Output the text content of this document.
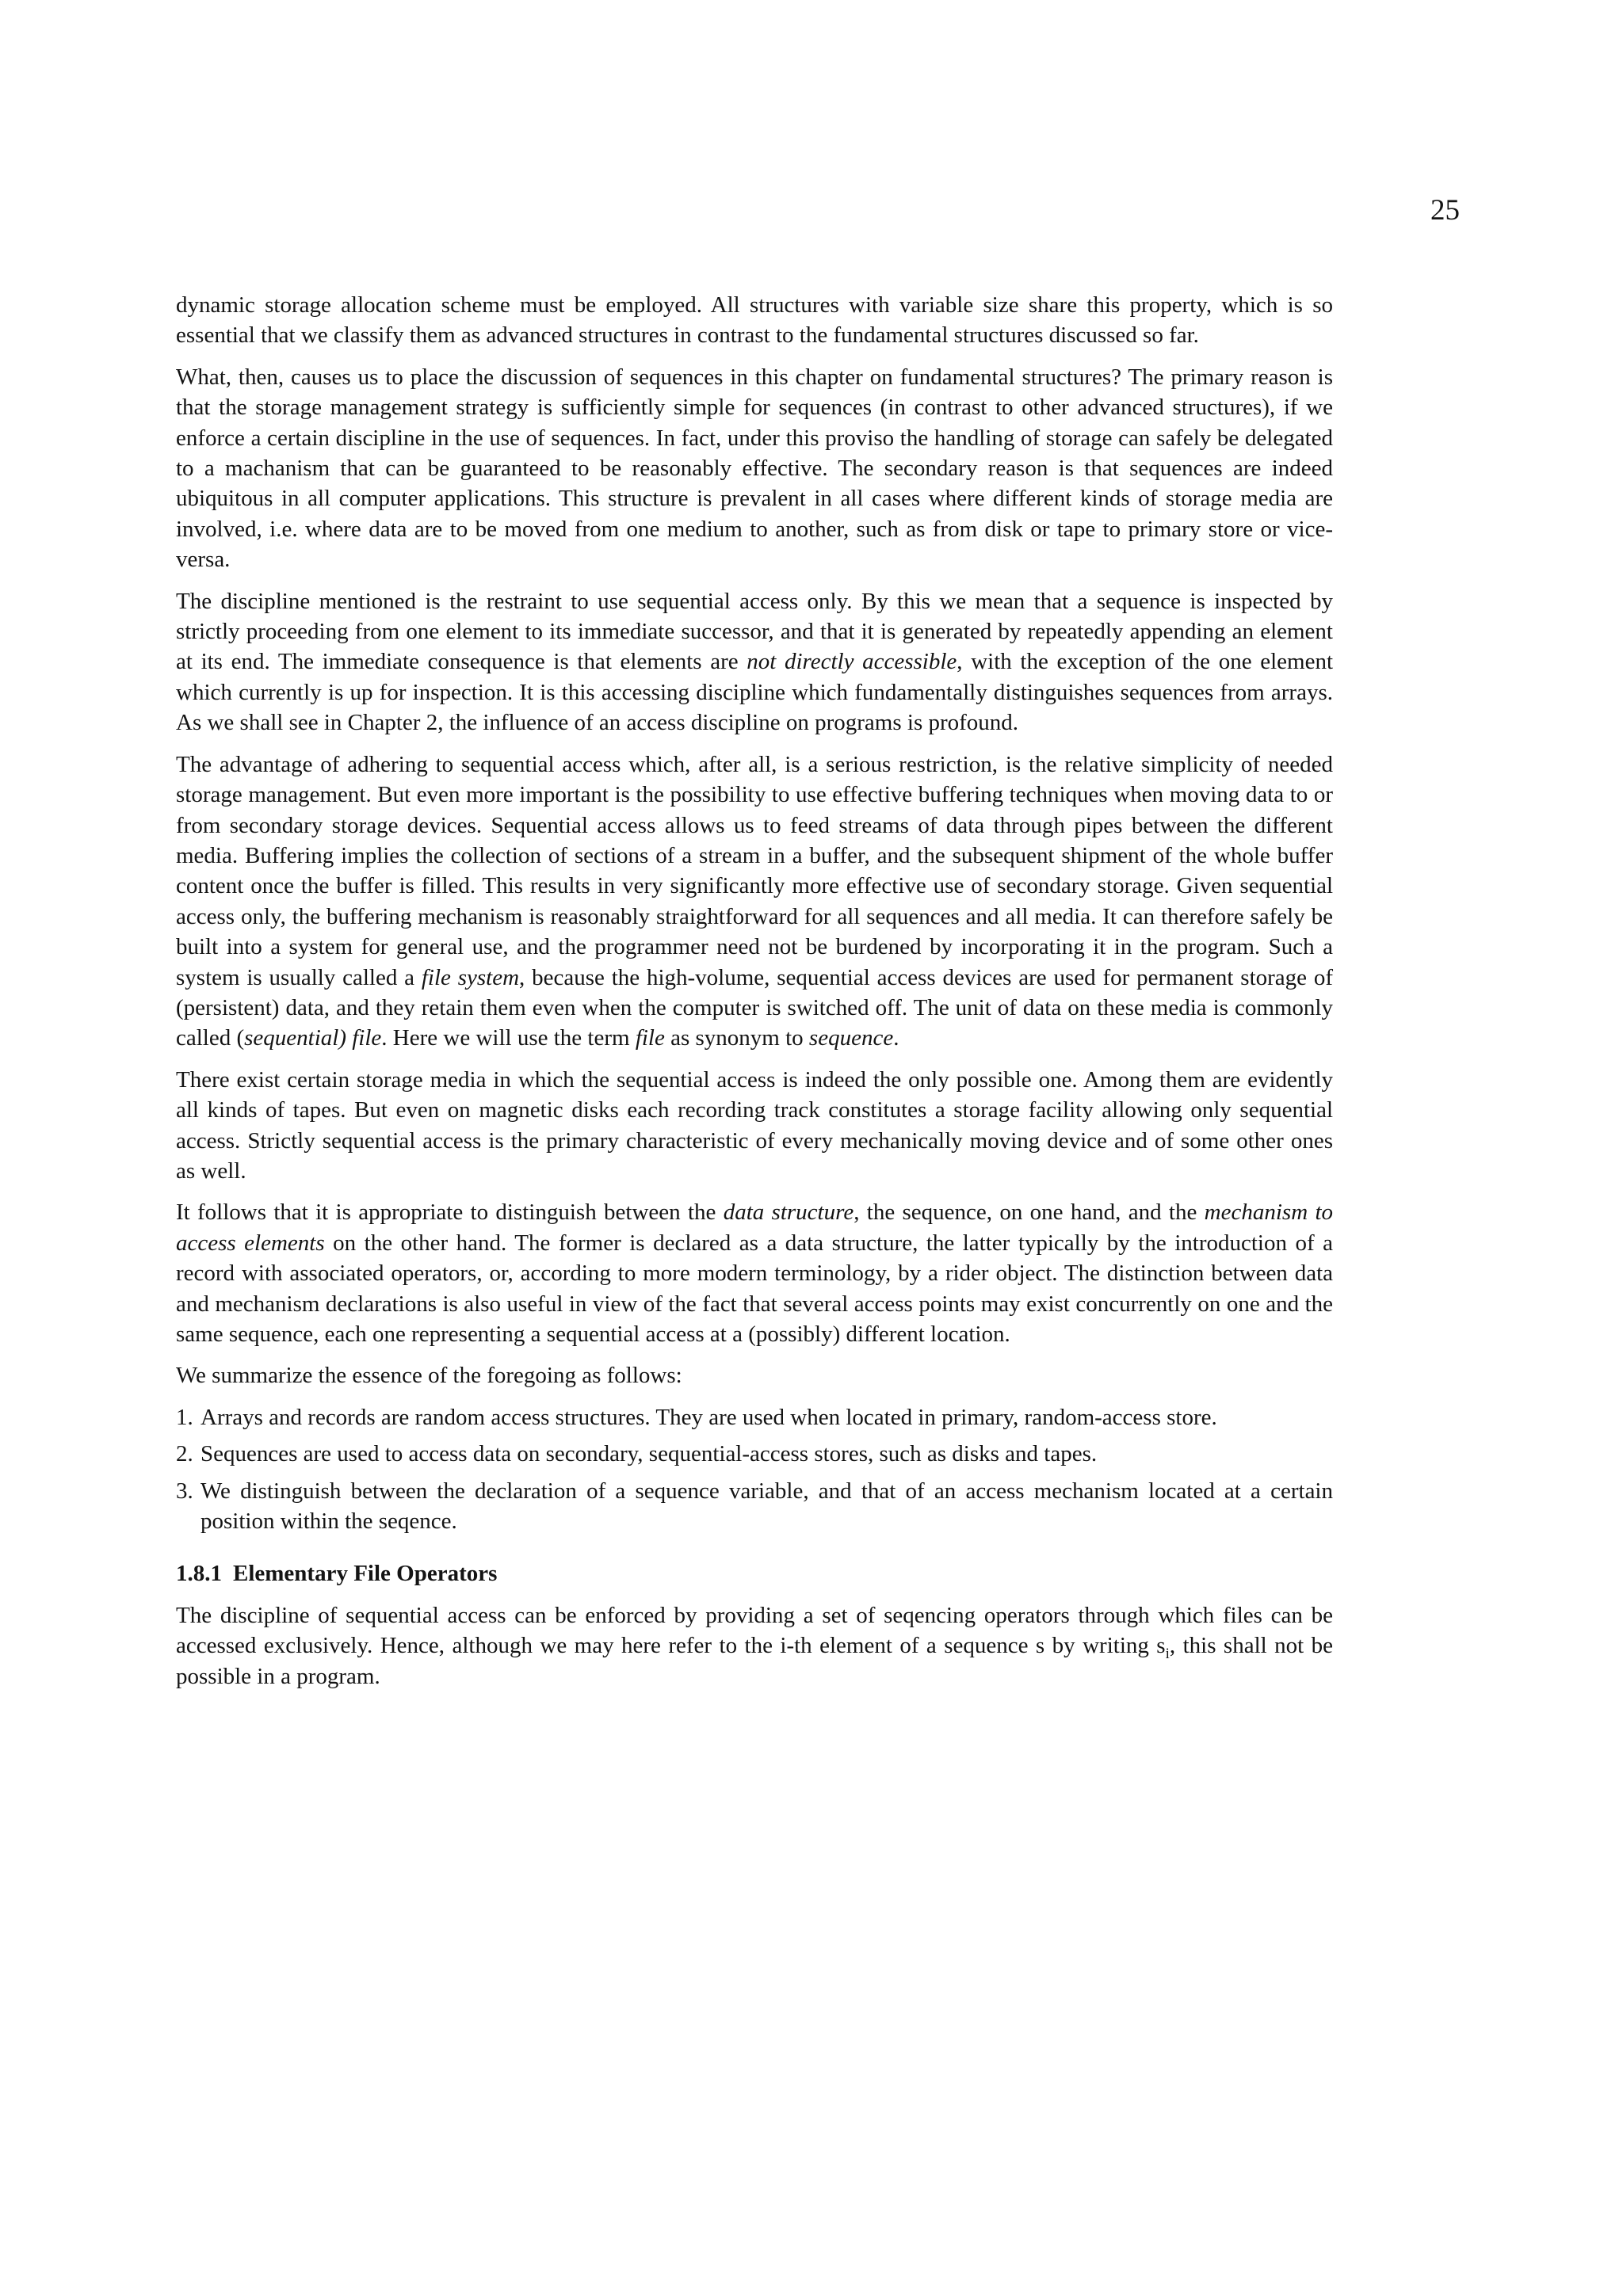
25

dynamic storage allocation scheme must be employed. All structures with variable size share this property, which is so essential that we classify them as advanced structures in contrast to the fundamental structures discussed so far.

What, then, causes us to place the discussion of sequences in this chapter on fundamental structures? The primary reason is that the storage management strategy is sufficiently simple for sequences (in contrast to other advanced structures), if we enforce a certain discipline in the use of sequences. In fact, under this proviso the handling of storage can safely be delegated to a machanism that can be guaranteed to be reasonably effective. The secondary reason is that sequences are indeed ubiquitous in all computer applications. This structure is prevalent in all cases where different kinds of storage media are involved, i.e. where data are to be moved from one medium to another, such as from disk or tape to primary store or vice-versa.

The discipline mentioned is the restraint to use sequential access only. By this we mean that a sequence is inspected by strictly proceeding from one element to its immediate successor, and that it is generated by repeatedly appending an element at its end. The immediate consequence is that elements are not directly accessible, with the exception of the one element which currently is up for inspection. It is this accessing discipline which fundamentally distinguishes sequences from arrays. As we shall see in Chapter 2, the influence of an access discipline on programs is profound.

The advantage of adhering to sequential access which, after all, is a serious restriction, is the relative simplicity of needed storage management. But even more important is the possibility to use effective buffering techniques when moving data to or from secondary storage devices. Sequential access allows us to feed streams of data through pipes between the different media. Buffering implies the collection of sections of a stream in a buffer, and the subsequent shipment of the whole buffer content once the buffer is filled. This results in very significantly more effective use of secondary storage. Given sequential access only, the buffering mechanism is reasonably straightforward for all sequences and all media. It can therefore safely be built into a system for general use, and the programmer need not be burdened by incorporating it in the program. Such a system is usually called a file system, because the high-volume, sequential access devices are used for permanent storage of (persistent) data, and they retain them even when the computer is switched off. The unit of data on these media is commonly called (sequential) file. Here we will use the term file as synonym to sequence.

There exist certain storage media in which the sequential access is indeed the only possible one. Among them are evidently all kinds of tapes. But even on magnetic disks each recording track constitutes a storage facility allowing only sequential access. Strictly sequential access is the primary characteristic of every mechanically moving device and of some other ones as well.

It follows that it is appropriate to distinguish between the data structure, the sequence, on one hand, and the mechanism to access elements on the other hand. The former is declared as a data structure, the latter typically by the introduction of a record with associated operators, or, according to more modern terminology, by a rider object. The distinction between data and mechanism declarations is also useful in view of the fact that several access points may exist concurrently on one and the same sequence, each one representing a sequential access at a (possibly) different location.

We summarize the essence of the foregoing as follows:

1. Arrays and records are random access structures. They are used when located in primary, random-access store.
2. Sequences are used to access data on secondary, sequential-access stores, such as disks and tapes.
3. We distinguish between the declaration of a sequence variable, and that of an access mechanism located at a certain position within the seqence.
1.8.1 Elementary File Operators

The discipline of sequential access can be enforced by providing a set of seqencing operators through which files can be accessed exclusively. Hence, although we may here refer to the i-th element of a sequence s by writing $s_i$, this shall not be possible in a program.
